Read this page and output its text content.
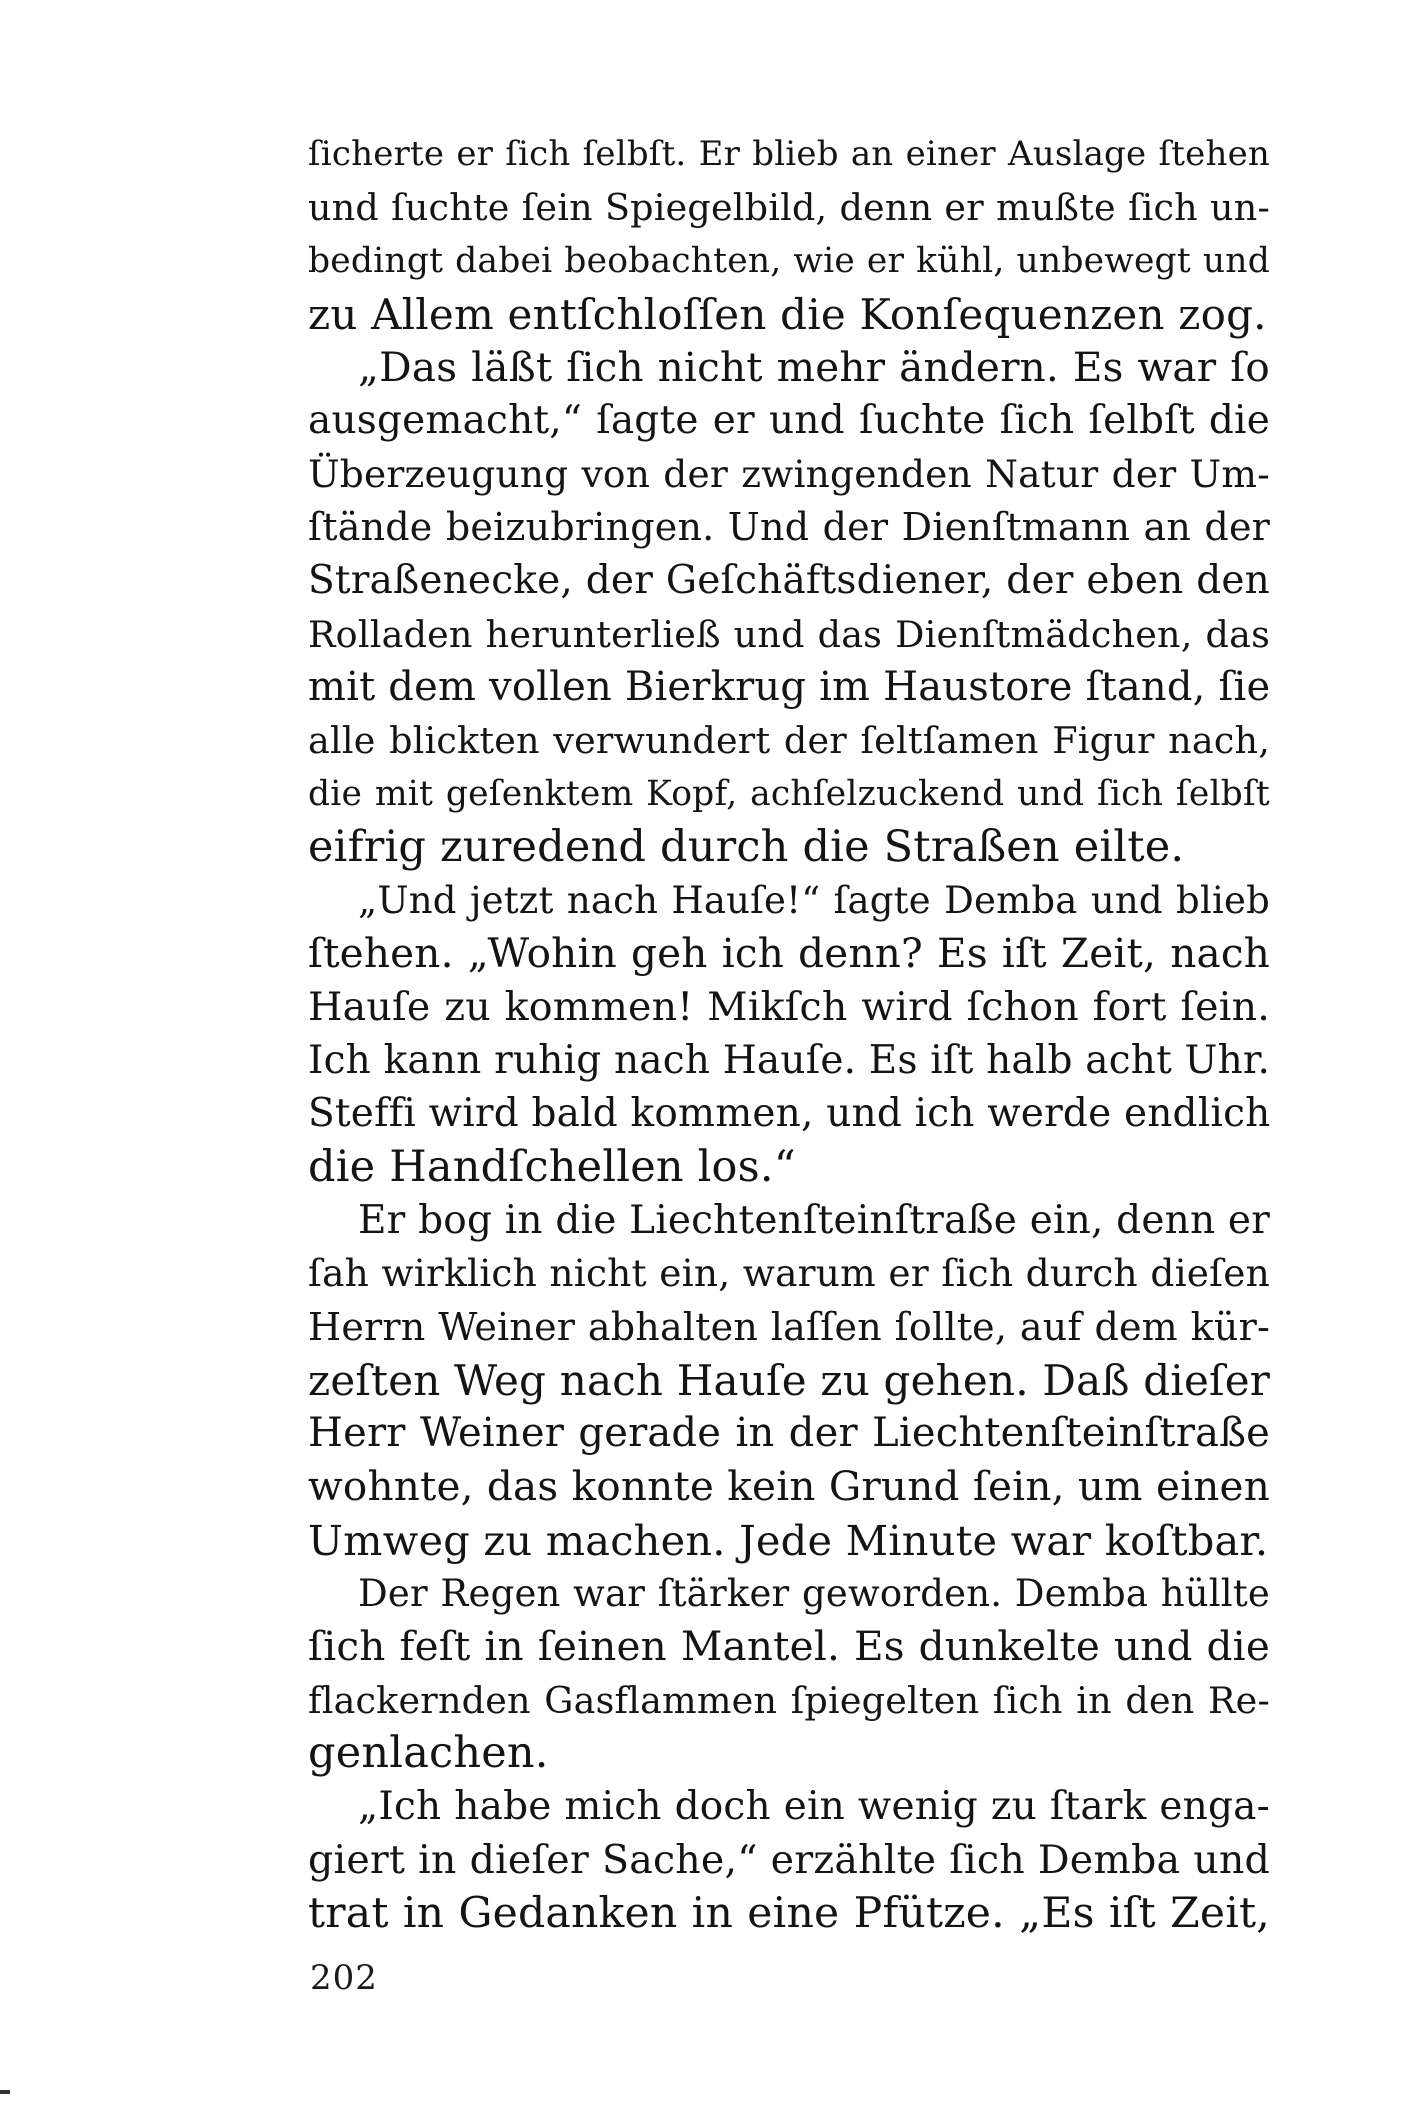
ſicherte er ſich ſelbſt. Er blieb an einer Auslage ſtehen
und ſuchte ſein Spiegelbild, denn er mußte ſich un-
bedingt dabei beobachten, wie er kühl, unbewegt und
zu Allem entſchloſſen die Konſequenzen zog.
„Das läßt ſich nicht mehr ändern. Es war ſo
ausgemacht,“ ſagte er und ſuchte ſich ſelbſt die
Überzeugung von der zwingenden Natur der Um-
ſtände beizubringen. Und der Dienſtmann an der
Straßenecke, der Geſchäftsdiener, der eben den
Rolladen herunterließ und das Dienſtmädchen, das
mit dem vollen Bierkrug im Haustore ſtand, ſie
alle blickten verwundert der ſeltſamen Figur nach,
die mit geſenktem Kopf, achſelzuckend und ſich ſelbſt
eifrig zuredend durch die Straßen eilte.
„Und jetzt nach Hauſe!“ ſagte Demba und blieb
ſtehen. „Wohin geh ich denn? Es iſt Zeit, nach
Hauſe zu kommen! Mikſch wird ſchon fort ſein.
Ich kann ruhig nach Hauſe. Es iſt halb acht Uhr.
Steffi wird bald kommen, und ich werde endlich
die Handſchellen los.“
Er bog in die Liechtenſteinſtraße ein, denn er
ſah wirklich nicht ein, warum er ſich durch dieſen
Herrn Weiner abhalten laſſen ſollte, auf dem kür-
zeſten Weg nach Hauſe zu gehen. Daß dieſer
Herr Weiner gerade in der Liechtenſteinſtraße
wohnte, das konnte kein Grund ſein, um einen
Umweg zu machen. Jede Minute war koſtbar.
Der Regen war ſtärker geworden. Demba hüllte
ſich feſt in ſeinen Mantel. Es dunkelte und die
flackernden Gasflammen ſpiegelten ſich in den Re-
genlachen.
„Ich habe mich doch ein wenig zu ſtark enga-
giert in dieſer Sache,“ erzählte ſich Demba und
trat in Gedanken in eine Pfütze. „Es iſt Zeit,
202
